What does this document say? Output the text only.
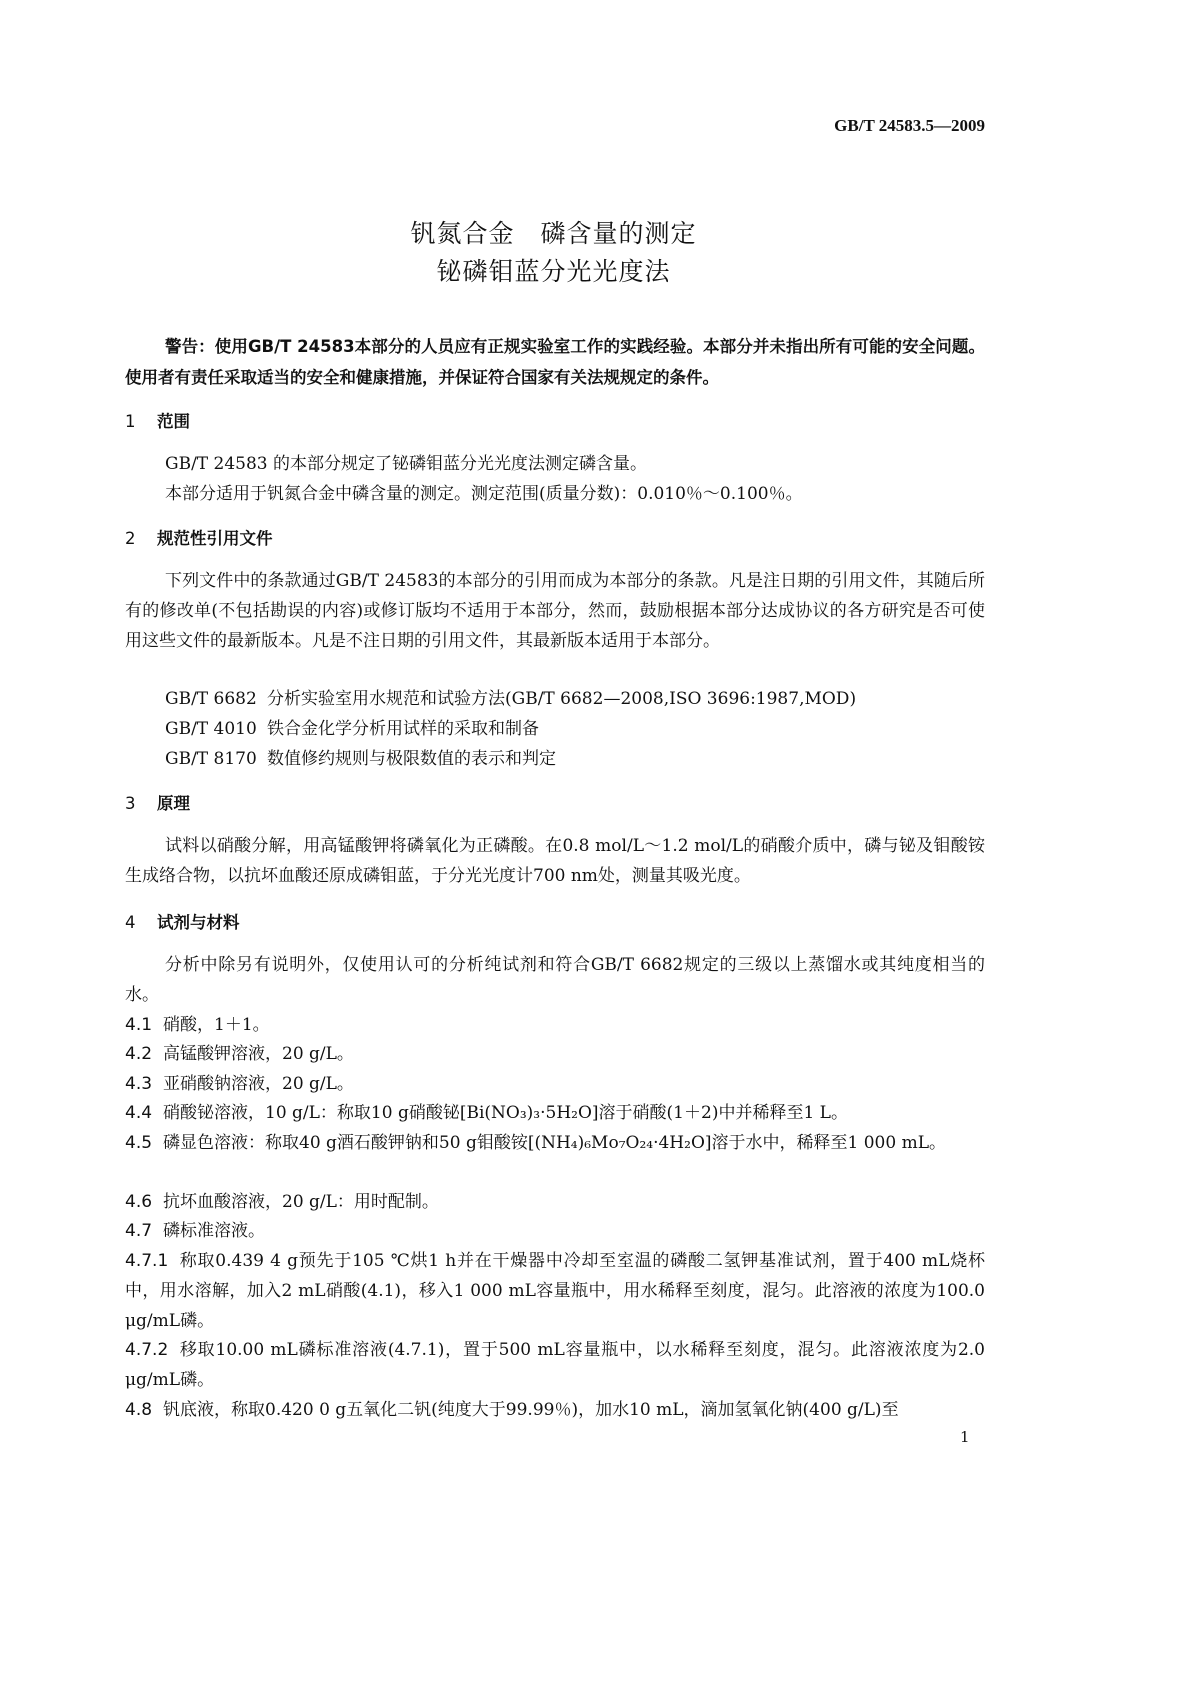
GB/T 24583.5—2009
钒氮合金　磷含量的测定
铋磷钼蓝分光光度法
警告：使用GB/T 24583本部分的人员应有正规实验室工作的实践经验。本部分并未指出所有可能的安全问题。使用者有责任采取适当的安全和健康措施，并保证符合国家有关法规规定的条件。
1 范围
GB/T 24583 的本部分规定了铋磷钼蓝分光光度法测定磷含量。
本部分适用于钒氮合金中磷含量的测定。测定范围(质量分数)：0.010％～0.100％。
2 规范性引用文件
下列文件中的条款通过GB/T 24583的本部分的引用而成为本部分的条款。凡是注日期的引用文件，其随后所有的修改单(不包括勘误的内容)或修订版均不适用于本部分，然而，鼓励根据本部分达成协议的各方研究是否可使用这些文件的最新版本。凡是不注日期的引用文件，其最新版本适用于本部分。
GB/T 6682 分析实验室用水规范和试验方法(GB/T 6682—2008,ISO 3696:1987,MOD)
GB/T 4010 铁合金化学分析用试样的采取和制备
GB/T 8170 数值修约规则与极限数值的表示和判定
3 原理
试料以硝酸分解，用高锰酸钾将磷氧化为正磷酸。在0.8 mol/L～1.2 mol/L的硝酸介质中，磷与铋及钼酸铵生成络合物，以抗坏血酸还原成磷钼蓝，于分光光度计700 nm处，测量其吸光度。
4 试剂与材料
分析中除另有说明外，仅使用认可的分析纯试剂和符合GB/T 6682规定的三级以上蒸馏水或其纯度相当的水。
4.1 硝酸，1＋1。
4.2 高锰酸钾溶液，20 g/L。
4.3 亚硝酸钠溶液，20 g/L。
4.4 硝酸铋溶液，10 g/L：称取10 g硝酸铋[Bi(NO₃)₃·5H₂O]溶于硝酸(1＋2)中并稀释至1 L。
4.5 磷显色溶液：称取40 g酒石酸钾钠和50 g钼酸铵[(NH₄)₆Mo₇O₂₄·4H₂O]溶于水中，稀释至1 000 mL。
4.6 抗坏血酸溶液，20 g/L：用时配制。
4.7 磷标准溶液。
4.7.1 称取0.439 4 g预先于105 ℃烘1 h并在干燥器中冷却至室温的磷酸二氢钾基准试剂，置于400 mL烧杯中，用水溶解，加入2 mL硝酸(4.1)，移入1 000 mL容量瓶中，用水稀释至刻度，混匀。此溶液的浓度为100.0 μg/mL磷。
4.7.2 移取10.00 mL磷标准溶液(4.7.1)，置于500 mL容量瓶中，以水稀释至刻度，混匀。此溶液浓度为2.0 μg/mL磷。
4.8 钒底液，称取0.420 0 g五氧化二钒(纯度大于99.99％)，加水10 mL，滴加氢氧化钠(400 g/L)至
1
